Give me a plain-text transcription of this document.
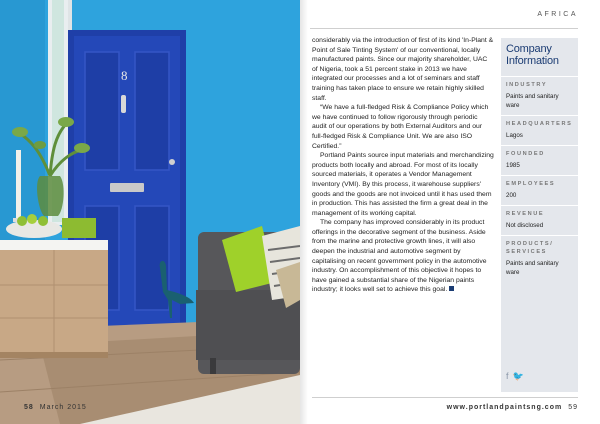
8
58 March 2015
AFRICA

considerably via the introduction of first of its kind 'In-Plant & Point of Sale Tinting System' of our conventional, locally manufactured paints. Since our majority shareholder, UAC of Nigeria, took a 51 percent stake in 2013 we have integrated our processes and a lot of seminars and staff training has taken place to ensure we retain highly skilled staff.

“We have a full-fledged Risk & Compliance Policy which we have continued to follow rigorously through periodic audit of our operations by both External Auditors and our full-fledged Risk & Compliance Unit. We are also ISO Certified.”

Portland Paints source input materials and merchandizing products both locally and abroad. For most of its locally sourced materials, it operates a Vendor Management Inventory (VMI). By this process, it warehouse suppliers' goods and the goods are not invoiced until it has used them in production. This has assisted the firm a great deal in the management of its working capital.

The company has improved considerably in its product offerings in the decorative segment of the business. Aside from the marine and protective growth lines, it will also deepen the industrial and automotive segment by capitalising on recent government policy in the automotive industry. On accomplishment of this objective it hopes to have gained a substantial share of the Nigerian paints industry; it looks well set to achieve this goal.

Company Information
INDUSTRY
Paints and sanitary ware
HEADQUARTERS
Lagos
FOUNDED
1985
EMPLOYEES
200
REVENUE
Not disclosed
PRODUCTS/ SERVICES
Paints and sanitary ware
f 🐦
www.portlandpaintsng.com 59
